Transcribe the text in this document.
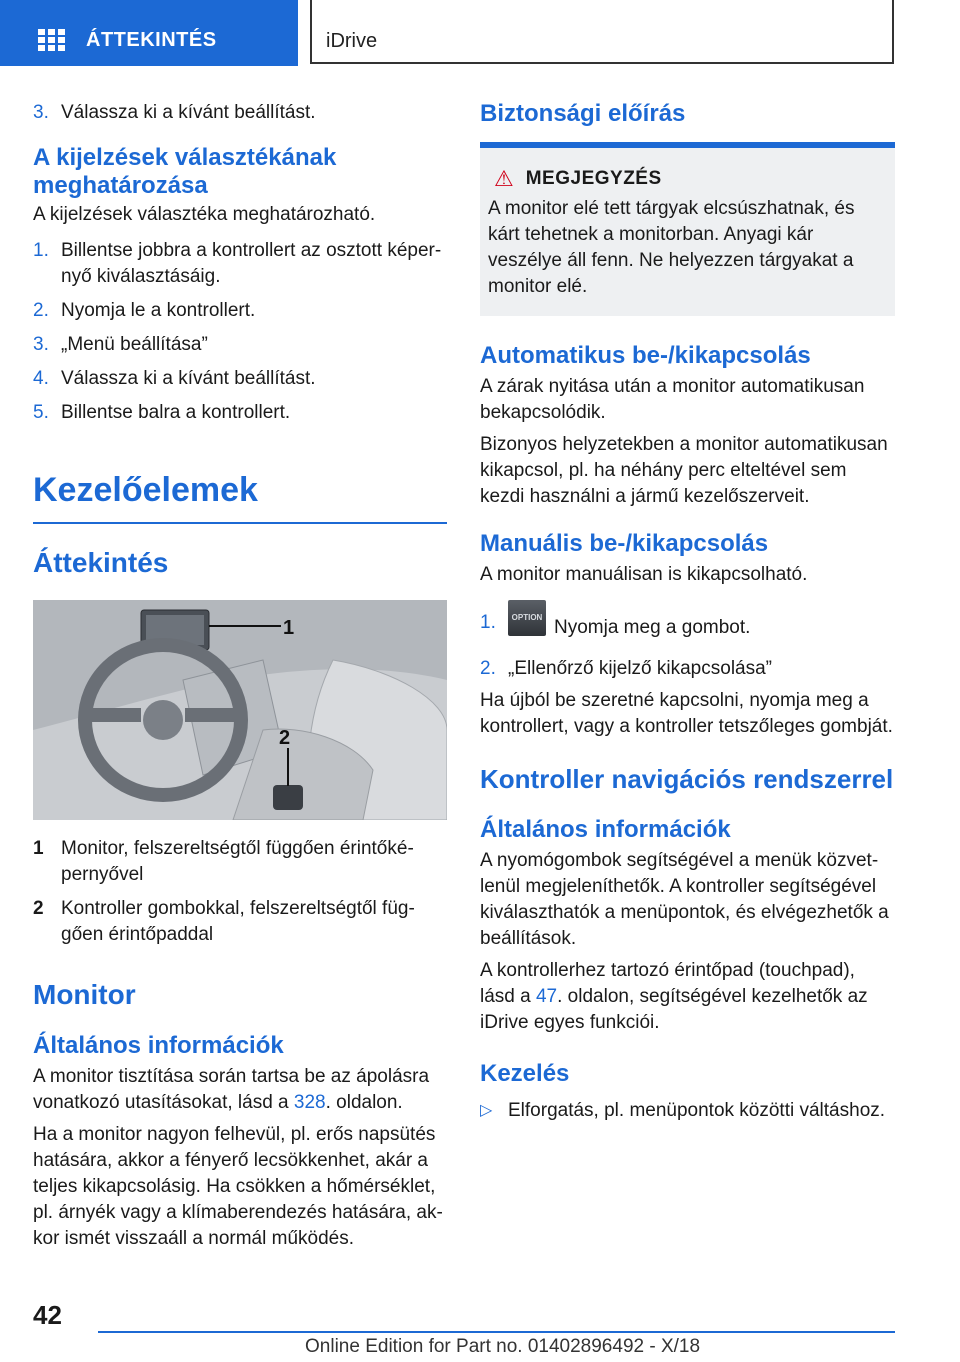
ÁTTEKINTÉS	iDrive
3. Válassza ki a kívánt beállítást.
A kijelzések választékának meghatározása

A kijelzések választéka meghatározható.

1. Billentse jobbra a kontrollert az osztott képernyő kiválasztásáig.
2. Nyomja le a kontrollert.
3. „Menü beállítása”
4. Válassza ki a kívánt beállítást.
5. Billentse balra a kontrollert.
Kezelőelemek
Áttekintés
1
2
1 Monitor, felszereltségtől függően érintőképernyővel
2 Kontroller gombokkal, felszereltségtől függően érintőpaddal
Monitor
Általános információk

A monitor tisztítása során tartsa be az ápolásra vonatkozó utasításokat, lásd a 328. oldalon.

Ha a monitor nagyon felhevül, pl. erős napsütés hatására, akkor a fényerő lecsökkenhet, akár a teljes kikapcsolásig. Ha csökken a hőmérséklet, pl. árnyék vagy a klímaberendezés hatására, akkor ismét visszaáll a normál működés.

Biztonsági előírás
⚠ MEGJEGYZÉS

A monitor elé tett tárgyak elcsúszhatnak, és kárt tehetnek a monitorban. Anyagi kár veszélye áll fenn. Ne helyezzen tárgyakat a monitor elé.

Automatikus be-/kikapcsolás

A zárak nyitása után a monitor automatikusan bekapcsolódik.

Bizonyos helyzetekben a monitor automatikusan kikapcsol, pl. ha néhány perc elteltével sem kezdi használni a jármű kezelőszerveit.

Manuális be-/kikapcsolás

A monitor manuálisan is kikapcsolható.

1. OPTION Nyomja meg a gombot.
2. „Ellenőrző kijelző kikapcsolása”

Ha újból be szeretné kapcsolni, nyomja meg a kontrollert, vagy a kontroller tetszőleges gombját.

Kontroller navigációs rendszerrel
Általános információk

A nyomógombok segítségével a menük közvetlenül megjeleníthetők. A kontroller segítségével kiválaszthatók a menüpontok, és elvégezhetők a beállítások.

A kontrollerhez tartozó érintőpad (touchpad), lásd a 47. oldalon, segítségével kezelhetők az iDrive egyes funkciói.

Kezelés
▷ Elforgatás, pl. menüpontok közötti váltáshoz.
42
Online Edition for Part no. 01402896492 - X/18
